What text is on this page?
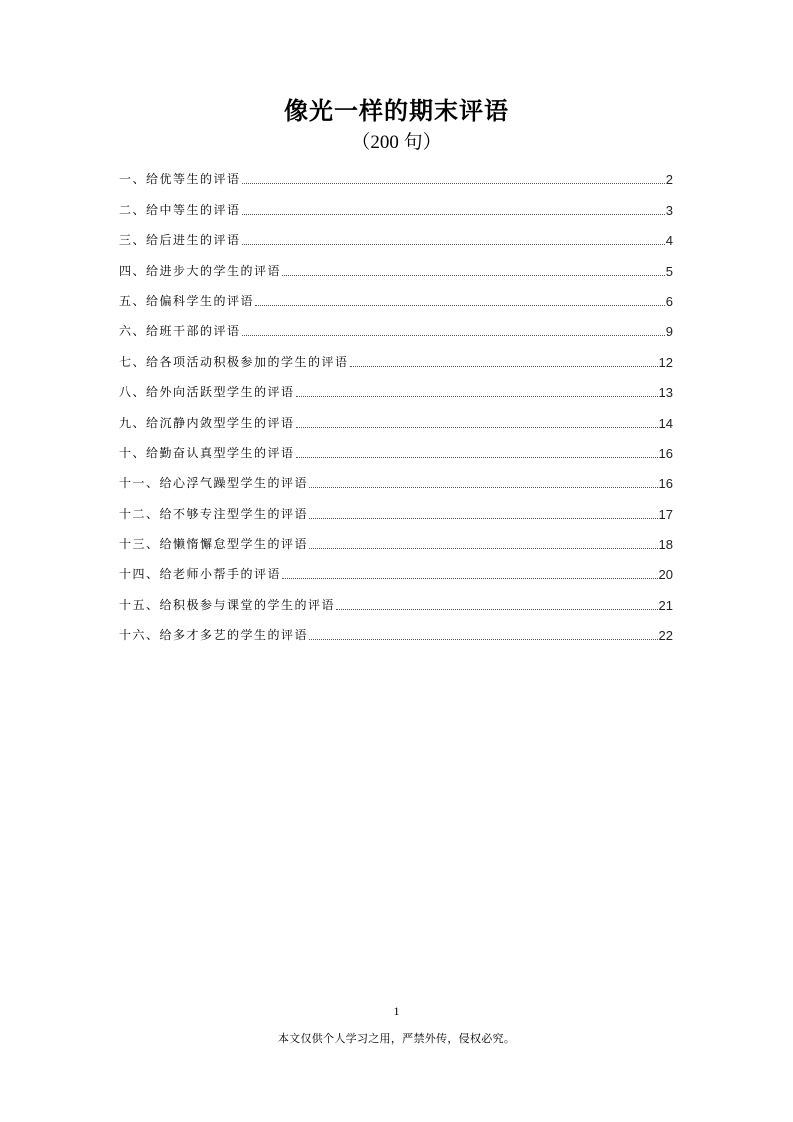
像光一样的期末评语
（200 句）
一、给优等生的评语	2
二、给中等生的评语	3
三、给后进生的评语	4
四、给进步大的学生的评语	5
五、给偏科学生的评语	6
六、给班干部的评语	9
七、给各项活动积极参加的学生的评语	12
八、给外向活跃型学生的评语	13
九、给沉静内敛型学生的评语	14
十、给勤奋认真型学生的评语	16
十一、给心浮气躁型学生的评语	16
十二、给不够专注型学生的评语	17
十三、给懒惰懈怠型学生的评语	18
十四、给老师小帮手的评语	20
十五、给积极参与课堂的学生的评语	21
十六、给多才多艺的学生的评语	22
1
本文仅供个人学习之用，严禁外传，侵权必究。
